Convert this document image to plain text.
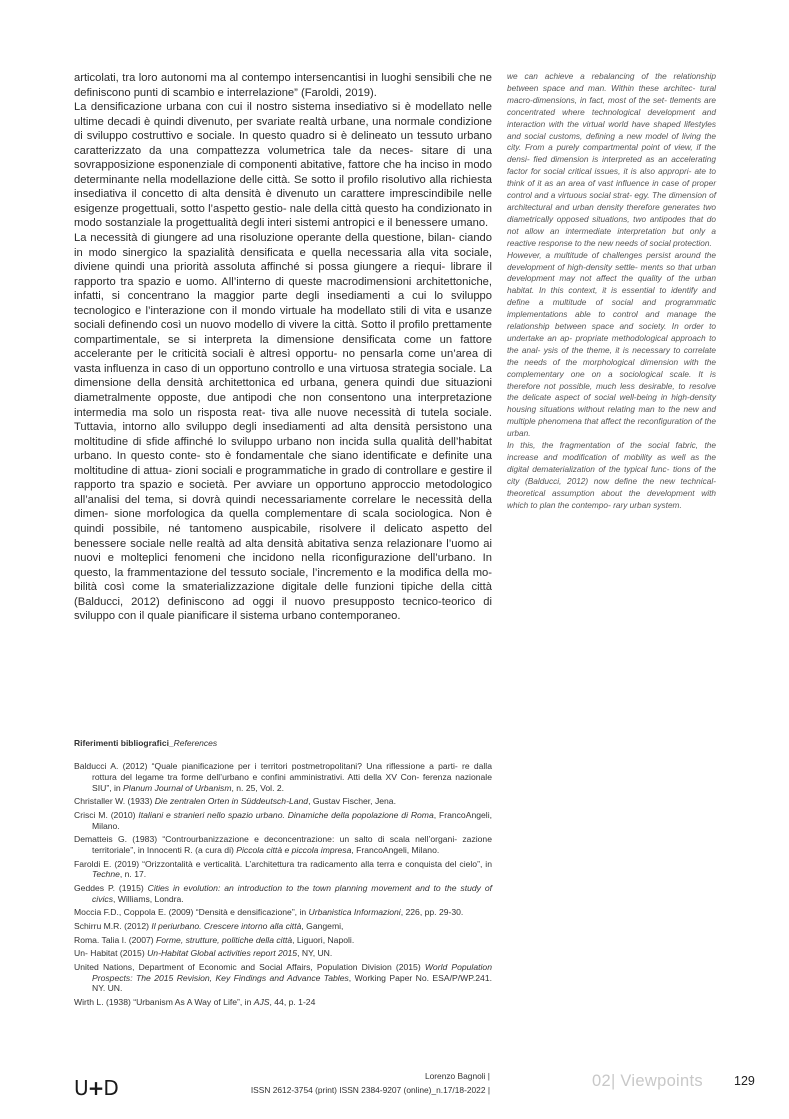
articolati, tra loro autonomi ma al contempo intersencantisi in luoghi sensibili che ne definiscono punti di scambio e interrelazione” (Faroldi, 2019).

La densificazione urbana con cui il nostro sistema insediativo si è modellato nelle ultime decadi è quindi divenuto, per svariate realtà urbane, una normale condizione di sviluppo costruttivo e sociale. In questo quadro si è delineato un tessuto urbano caratterizzato da una compattezza volumetrica tale da neces- sitare di una sovrapposizione esponenziale di componenti abitative, fattore che ha inciso in modo determinante nella modellazione delle città. Se sotto il profilo risolutivo alla richiesta insediativa il concetto di alta densità è divenuto un carattere imprescindibile nelle esigenze progettuali, sotto l’aspetto gestio- nale della città questo ha condizionato in modo sostanziale la progettualità degli interi sistemi antropici e il benessere umano.

La necessità di giungere ad una risoluzione operante della questione, bilan- ciando in modo sinergico la spazialità densificata e quella necessaria alla vita sociale, diviene quindi una priorità assoluta affinché si possa giungere a riequi- librare il rapporto tra spazio e uomo. All’interno di queste macrodimensioni architettoniche, infatti, si concentrano la maggior parte degli insediamenti a cui lo sviluppo tecnologico e l’interazione con il mondo virtuale ha modellato stili di vita e usanze sociali definendo così un nuovo modello di vivere la città. Sotto il profilo prettamente compartimentale, se si interpreta la dimensione densificata come un fattore accelerante per le criticità sociali è altresì opportu- no pensarla come un’area di vasta influenza in caso di un opportuno controllo e una virtuosa strategia sociale. La dimensione della densità architettonica ed urbana, genera quindi due situazioni diametralmente opposte, due antipodi che non consentono una interpretazione intermedia ma solo un risposta reat- tiva alle nuove necessità di tutela sociale. Tuttavia, intorno allo sviluppo degli insediamenti ad alta densità persistono una moltitudine di sfide affinché lo sviluppo urbano non incida sulla qualità dell’habitat urbano. In questo conte- sto è fondamentale che siano identificate e definite una moltitudine di attua- zioni sociali e programmatiche in grado di controllare e gestire il rapporto tra spazio e società. Per avviare un opportuno approccio metodologico all’analisi del tema, si dovrà quindi necessariamente correlare le necessità della dimen- sione morfologica da quella complementare di scala sociologica. Non è quindi possibile, né tantomeno auspicabile, risolvere il delicato aspetto del benessere sociale nelle realtà ad alta densità abitativa senza relazionare l’uomo ai nuovi e molteplici fenomeni che incidono nella riconfigurazione dell’urbano. In questo, la frammentazione del tessuto sociale, l’incremento e la modifica della mo- bilità così come la smaterializzazione digitale delle funzioni tipiche della città (Balducci, 2012) definiscono ad oggi il nuovo presupposto tecnico-teorico di sviluppo con il quale pianificare il sistema urbano contemporaneo.

we can achieve a rebalancing of the relationship between space and man. Within these architec- tural macro-dimensions, in fact, most of the set- tlements are concentrated where technological development and interaction with the virtual world have shaped lifestyles and social customs, defining a new model of living the city. From a purely compartmental point of view, if the densi- fied dimension is interpreted as an accelerating factor for social critical issues, it is also appropri- ate to think of it as an area of vast influence in case of proper control and a virtuous social strat- egy. The dimension of architectural and urban density therefore generates two diametrically opposed situations, two antipodes that do not allow an intermediate interpretation but only a reactive response to the new needs of social protection.

However, a multitude of challenges persist around the development of high-density settle- ments so that urban development may not affect the quality of the urban habitat. In this context, it is essential to identify and define a multitude of social and programmatic implementations able to control and manage the relationship between space and society. In order to undertake an ap- propriate methodological approach to the anal- ysis of the theme, it is necessary to correlate the needs of the morphological dimension with the complementary one on a sociological scale. It is therefore not possible, much less desirable, to resolve the delicate aspect of social well-being in high-density housing situations without relating man to the new and multiple phenomena that affect the reconfiguration of the urban.

In this, the fragmentation of the social fabric, the increase and modification of mobility as well as the digital dematerialization of the typical func- tions of the city (Balducci, 2012) now define the new technical-theoretical assumption about the development with which to plan the contempo- rary urban system.

Riferimenti bibliografici_References

Balducci A. (2012) “Quale pianificazione per i territori postmetropolitani? Una riflessione a parti- re dalla rottura del legame tra forme dell’urbano e confini amministrativi. Atti della XV Con- ferenza nazionale SIU”, in Planum Journal of Urbanism, n. 25, Vol. 2.

Christaller W. (1933) Die zentralen Orten in Süddeutsch-Land, Gustav Fischer, Jena.

Crisci M. (2010) Italiani e stranieri nello spazio urbano. Dinamiche della popolazione di Roma, FrancoAngeli, Milano.

Dematteis G. (1983) “Controurbanizzazione e deconcentrazione: un salto di scala nell’organi- zazione territoriale”, in Innocenti R. (a cura di) Piccola città e piccola impresa, FrancoAngeli, Milano.

Faroldi E. (2019) “Orizzontalità e verticalità. L’architettura tra radicamento alla terra e conquista del cielo”, in Techne, n. 17.

Geddes P. (1915) Cities in evolution: an introduction to the town planning movement and to the study of civics, Williams, Londra.

Moccia F.D., Coppola E. (2009) “Densità e densificazione”, in Urbanistica Informazioni, 226, pp. 29-30.

Schirru M.R. (2012) Il periurbano. Crescere intorno alla città, Gangemi,

Roma. Talia I. (2007) Forme, strutture, politiche della città, Liguori, Napoli.

Un- Habitat (2015) Un-Habitat Global activities report 2015, NY, UN.

United Nations, Department of Economic and Social Affairs, Population Division (2015) World Population Prospects: The 2015 Revision, Key Findings and Advance Tables, Working Paper No. ESA/P/WP.241. NY. UN.

Wirth L. (1938) “Urbanism As A Way of Life”, in AJS, 44, p. 1-24

U+D	Lorenzo Bagnoli |
ISSN 2612-3754 (print) ISSN 2384-9207 (online)_n.17/18-2022 |	02| Viewpoints 129
